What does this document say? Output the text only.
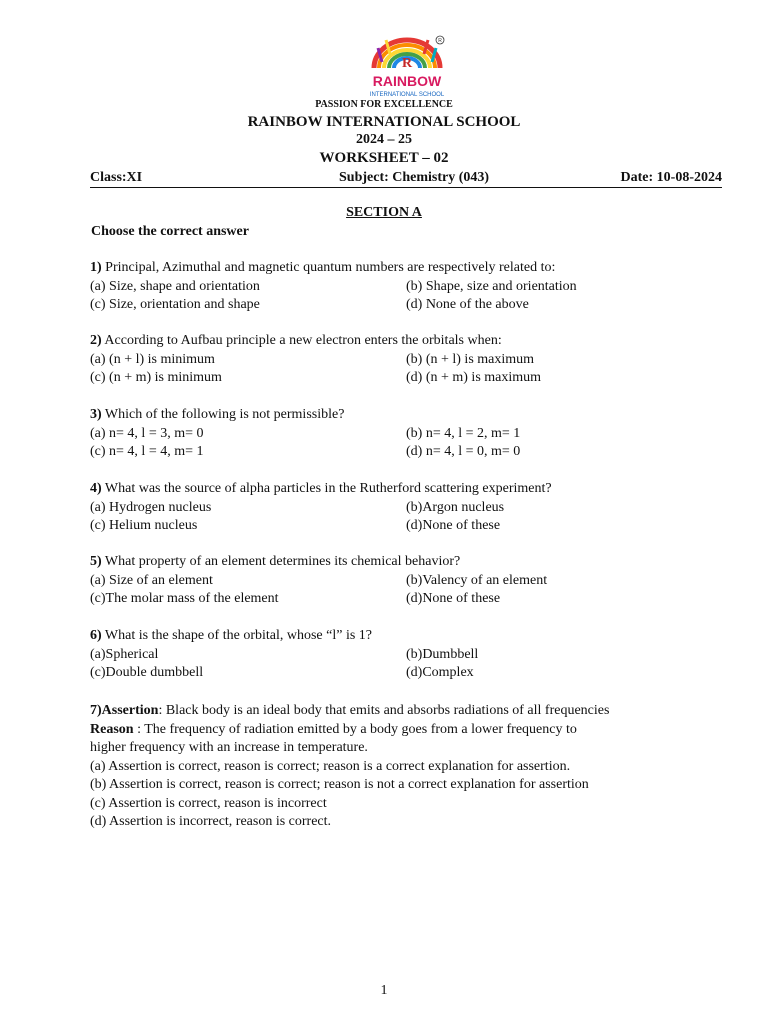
R
RAINBOW
INTERNATIONAL SCHOOL
R
PASSION FOR EXCELLENCE
RAINBOW INTERNATIONAL SCHOOL
2024 – 25
WORKSHEET – 02
Class:XI	Subject: Chemistry (043)	Date: 10-08-2024
SECTION A
Choose the correct answer
1) Principal, Azimuthal and magnetic quantum numbers are respectively related to:
(a) Size, shape and orientation	(b) Shape, size and orientation
(c) Size, orientation and shape	(d) None of the above
2) According to Aufbau principle a new electron enters the orbitals when:
(a) (n + l) is minimum	(b) (n + l) is maximum
(c) (n + m) is minimum	(d) (n + m) is maximum
3) Which of the following is not permissible?
(a) n= 4, l = 3, m= 0	(b) n= 4, l = 2, m= 1
(c) n= 4, l = 4, m= 1	(d) n= 4, l = 0, m= 0
4) What was the source of alpha particles in the Rutherford scattering experiment?
(a) Hydrogen nucleus	(b)Argon nucleus
(c) Helium nucleus	(d)None of these
5) What property of an element determines its chemical behavior?
(a) Size of an element	(b)Valency of an element
(c)The molar mass of the element	(d)None of these
6) What is the shape of the orbital, whose “l” is 1?
(a)Spherical	(b)Dumbbell
(c)Double dumbbell	(d)Complex
7)Assertion: Black body is an ideal body that emits and absorbs radiations of all frequencies
Reason : The frequency of radiation emitted by a body goes from a lower frequency to
higher frequency with an increase in temperature.
(a) Assertion is correct, reason is correct; reason is a correct explanation for assertion.
(b) Assertion is correct, reason is correct; reason is not a correct explanation for assertion
(c) Assertion is correct, reason is incorrect
(d) Assertion is incorrect, reason is correct.
1
